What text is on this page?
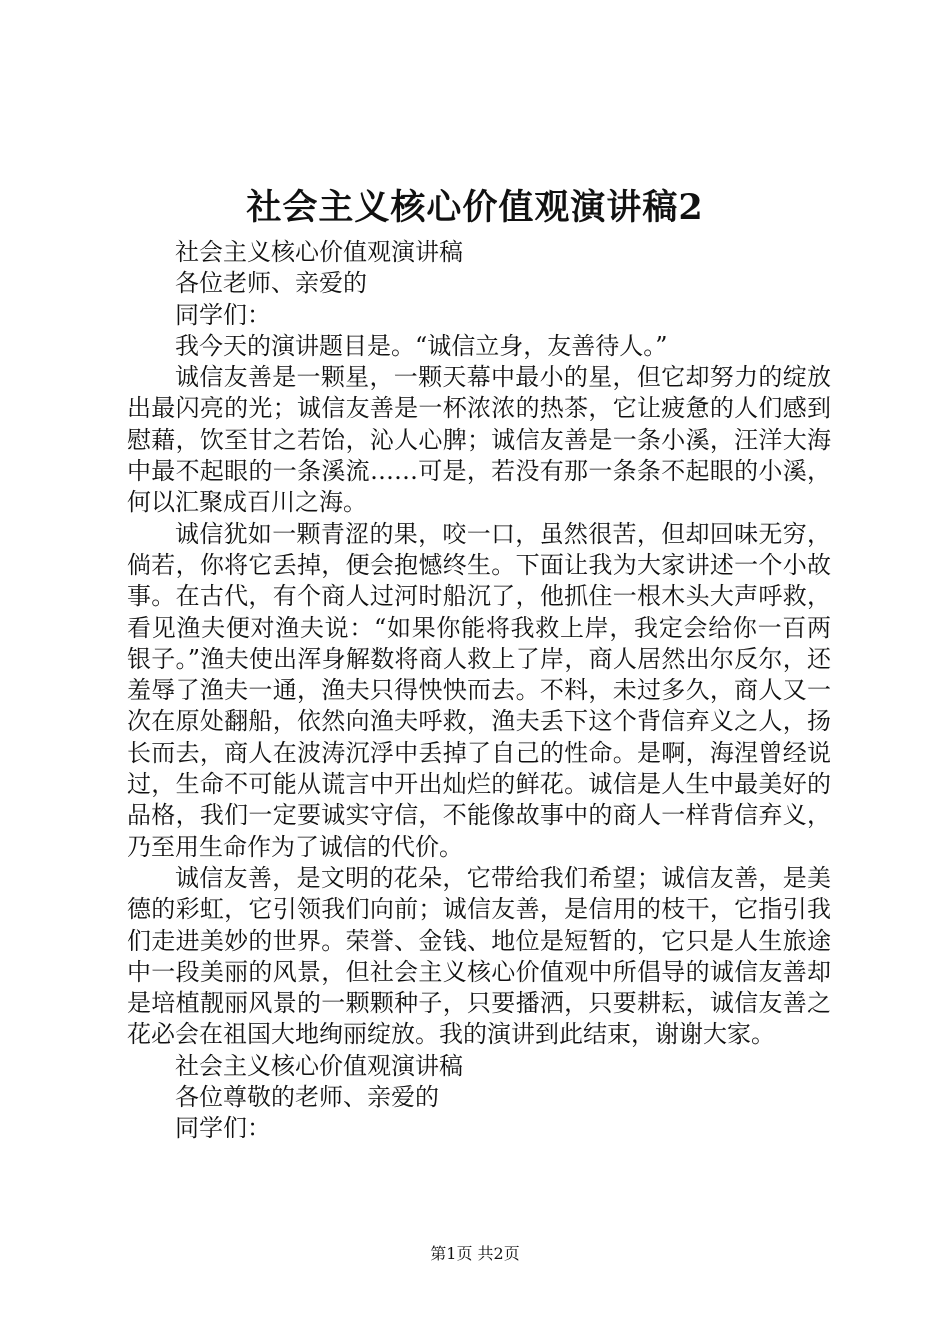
社会主义核心价值观演讲稿2

社会主义核心价值观演讲稿

各位老师、亲爱的

同学们：

我今天的演讲题目是。“诚信立身，友善待人。”

诚信友善是一颗星，一颗天幕中最小的星，但它却努力的绽放出最闪亮的光；诚信友善是一杯浓浓的热茶，它让疲惫的人们感到慰藉，饮至甘之若饴，沁人心脾；诚信友善是一条小溪，汪洋大海中最不起眼的一条溪流……可是，若没有那一条条不起眼的小溪，何以汇聚成百川之海。

诚信犹如一颗青涩的果，咬一口，虽然很苦，但却回味无穷，倘若，你将它丢掉，便会抱憾终生。下面让我为大家讲述一个小故事。在古代，有个商人过河时船沉了，他抓住一根木头大声呼救，看见渔夫便对渔夫说：“如果你能将我救上岸，我定会给你一百两银子。”渔夫使出浑身解数将商人救上了岸，商人居然出尔反尔，还羞辱了渔夫一通，渔夫只得怏怏而去。不料，未过多久，商人又一次在原处翻船，依然向渔夫呼救，渔夫丢下这个背信弃义之人，扬长而去，商人在波涛沉浮中丢掉了自己的性命。是啊，海涅曾经说过，生命不可能从谎言中开出灿烂的鲜花。诚信是人生中最美好的品格，我们一定要诚实守信，不能像故事中的商人一样背信弃义，乃至用生命作为了诚信的代价。

诚信友善，是文明的花朵，它带给我们希望；诚信友善，是美德的彩虹，它引领我们向前；诚信友善，是信用的枝干，它指引我们走进美妙的世界。荣誉、金钱、地位是短暂的，它只是人生旅途中一段美丽的风景，但社会主义核心价值观中所倡导的诚信友善却是培植靓丽风景的一颗颗种子，只要播洒，只要耕耘，诚信友善之花必会在祖国大地绚丽绽放。我的演讲到此结束，谢谢大家。

社会主义核心价值观演讲稿

各位尊敬的老师、亲爱的

同学们：

第1页 共2页
